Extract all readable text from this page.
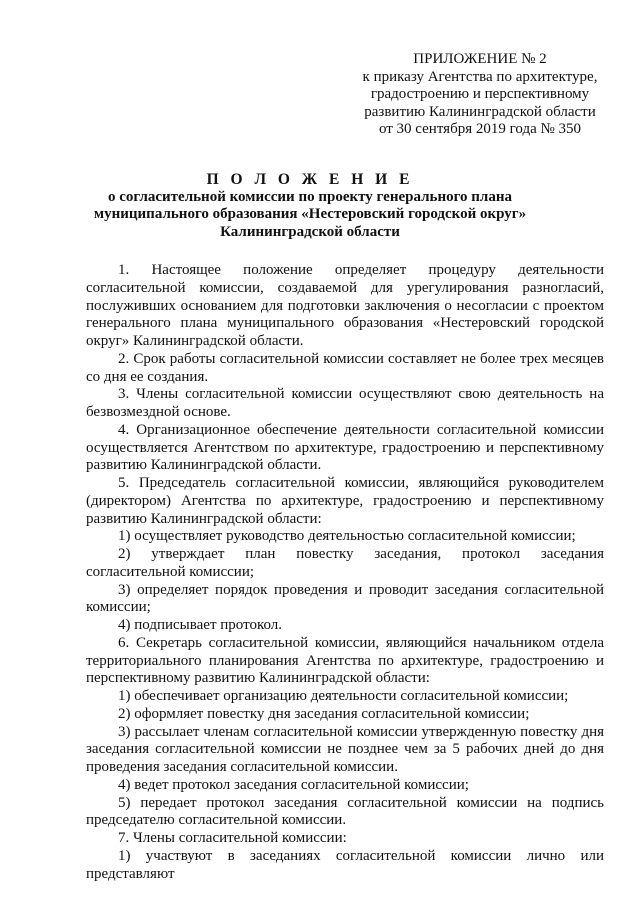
ПРИЛОЖЕНИЕ № 2
к приказу Агентства по архитектуре,
градостроению и перспективному
развитию Калининградской области
от 30 сентября 2019 года № 350
П О Л О Ж Е Н И Е
о согласительной комиссии по проекту генерального плана
муниципального образования «Нестеровский городской округ»
Калининградской области

1. Настоящее положение определяет процедуру деятельности согласительной комиссии, создаваемой для урегулирования разногласий, послуживших основанием для подготовки заключения о несогласии с проектом генерального плана муниципального образования «Нестеровский городской округ» Калининградской области.

2. Срок работы согласительной комиссии составляет не более трех месяцев со дня ее создания.

3. Члены согласительной комиссии осуществляют свою деятельность на безвозмездной основе.

4. Организационное обеспечение деятельности согласительной комиссии осуществляется Агентством по архитектуре, градостроению и перспективному развитию Калининградской области.

5. Председатель согласительной комиссии, являющийся руководителем (директором) Агентства по архитектуре, градостроению и перспективному развитию Калининградской области:

1) осуществляет руководство деятельностью согласительной комиссии;

2) утверждает план повестку заседания, протокол заседания согласительной комиссии;

3) определяет порядок проведения и проводит заседания согласительной комиссии;

4) подписывает протокол.

6. Секретарь согласительной комиссии, являющийся начальником отдела территориального планирования Агентства по архитектуре, градостроению и перспективному развитию Калининградской области:

1) обеспечивает организацию деятельности согласительной комиссии;

2) оформляет повестку дня заседания согласительной комиссии;

3) рассылает членам согласительной комиссии утвержденную повестку дня заседания согласительной комиссии не позднее чем за 5 рабочих дней до дня проведения заседания согласительной комиссии.

4) ведет протокол заседания согласительной комиссии;

5) передает протокол заседания согласительной комиссии на подпись председателю согласительной комиссии.

7. Члены согласительной комиссии:

1) участвуют в заседаниях согласительной комиссии лично или представляют
